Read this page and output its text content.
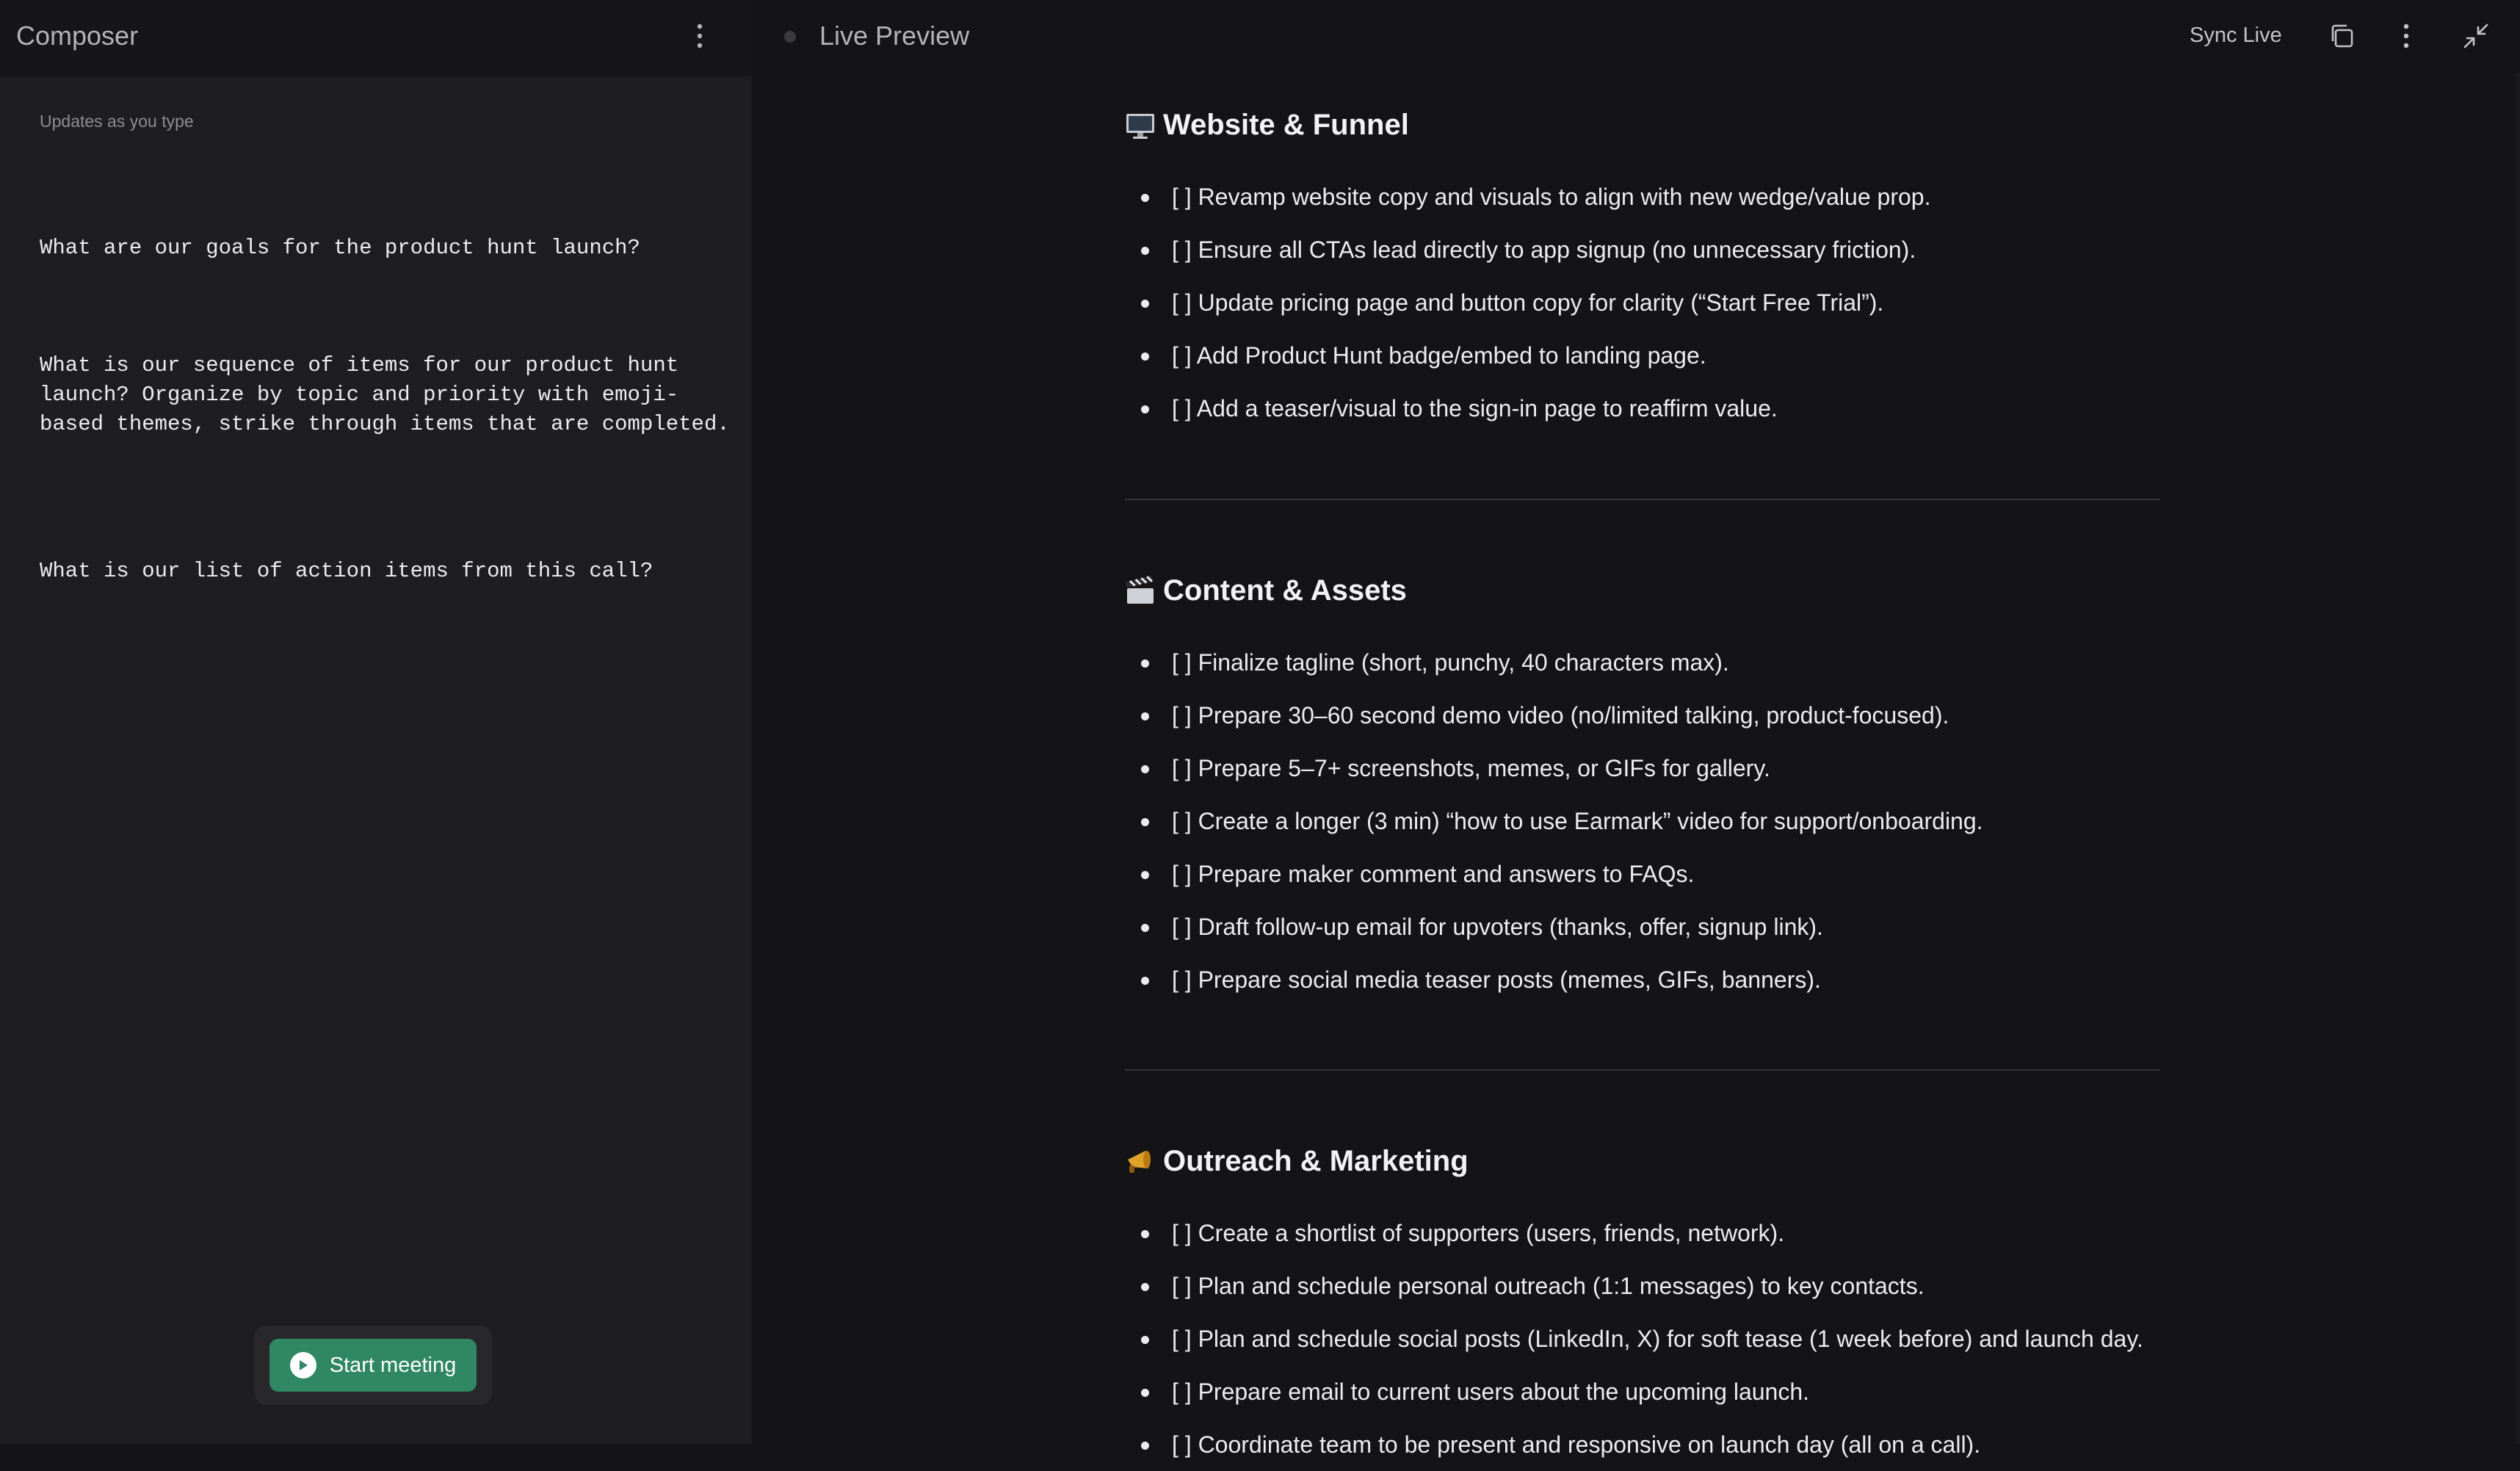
Composer
Updates as you type

What are our goals for the product hunt launch?

What is our sequence of items for our product hunt launch? Organize by topic and priority with emoji-based themes, strike through items that are completed.

What is our list of action items from this call?

Start meeting
Live Preview	Sync Live
Website & Funnel
[ ] Revamp website copy and visuals to align with new wedge/value prop.
[ ] Ensure all CTAs lead directly to app signup (no unnecessary friction).
[ ] Update pricing page and button copy for clarity (“Start Free Trial”).
[ ] Add Product Hunt badge/embed to landing page.
[ ] Add a teaser/visual to the sign-in page to reaffirm value.
Content & Assets
[ ] Finalize tagline (short, punchy, 40 characters max).
[ ] Prepare 30–60 second demo video (no/limited talking, product-focused).
[ ] Prepare 5–7+ screenshots, memes, or GIFs for gallery.
[ ] Create a longer (3 min) “how to use Earmark” video for support/onboarding.
[ ] Prepare maker comment and answers to FAQs.
[ ] Draft follow-up email for upvoters (thanks, offer, signup link).
[ ] Prepare social media teaser posts (memes, GIFs, banners).
Outreach & Marketing
[ ] Create a shortlist of supporters (users, friends, network).
[ ] Plan and schedule personal outreach (1:1 messages) to key contacts.
[ ] Plan and schedule social posts (LinkedIn, X) for soft tease (1 week before) and launch day.
[ ] Prepare email to current users about the upcoming launch.
[ ] Coordinate team to be present and responsive on launch day (all on a call).
